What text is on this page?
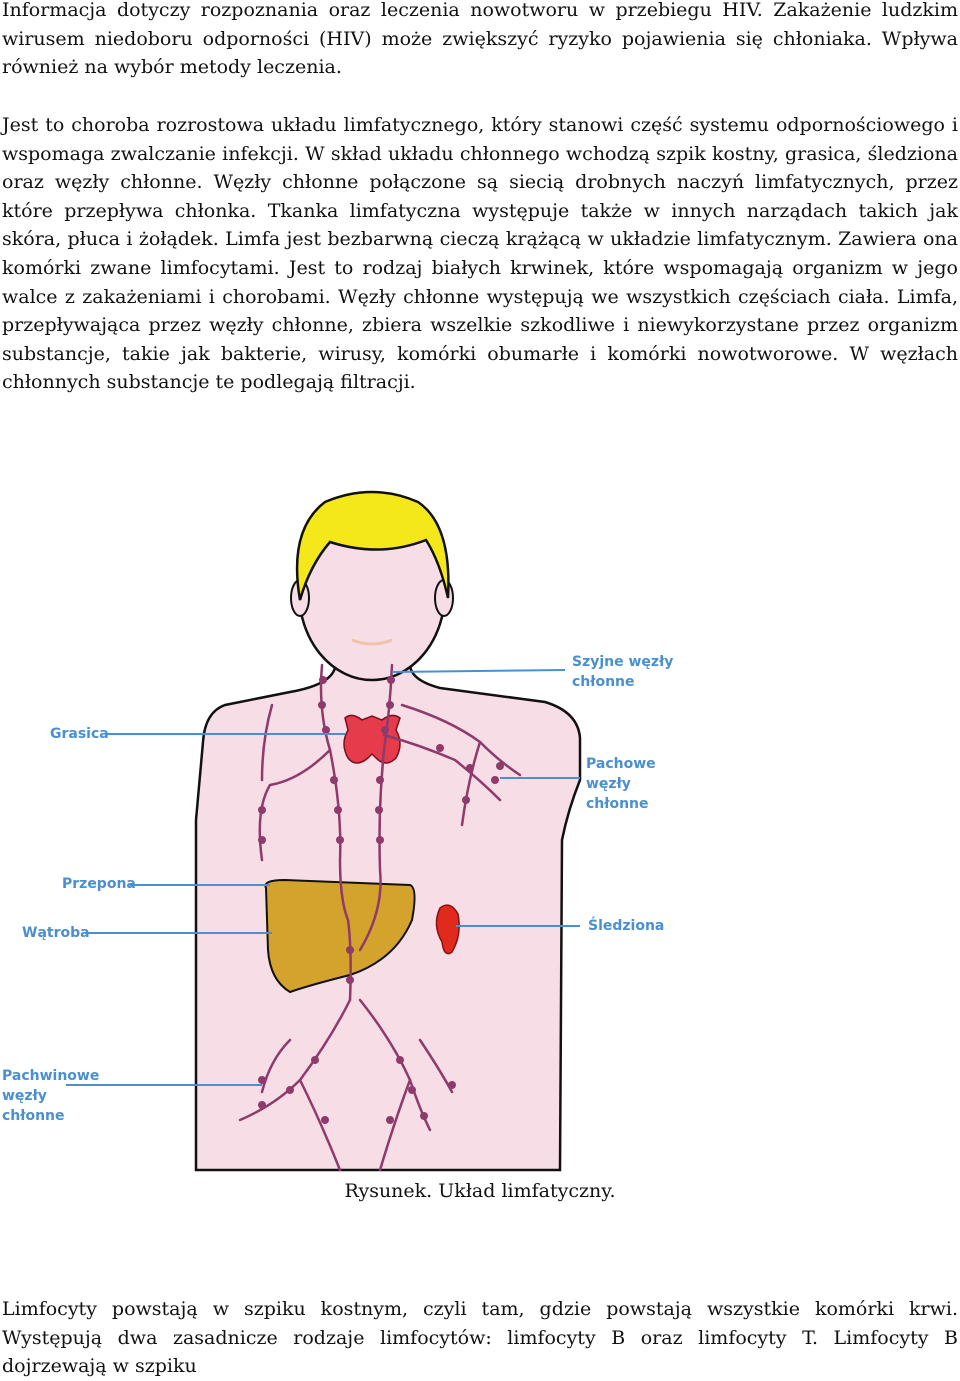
Informacja dotyczy rozpoznania oraz leczenia nowotworu w przebiegu HIV. Zakażenie ludzkim wirusem niedoboru odporności (HIV) może zwiększyć ryzyko pojawienia się chłoniaka. Wpływa również na wybór metody leczenia.

Jest to choroba rozrostowa układu limfatycznego, który stanowi część systemu odpornościowego i wspomaga zwalczanie infekcji. W skład układu chłonnego wchodzą szpik kostny, grasica, śledziona oraz węzły chłonne. Węzły chłonne połączone są siecią drobnych naczyń limfatycznych, przez które przepływa chłonka. Tkanka limfatyczna występuje także w innych narządach takich jak skóra, płuca i żołądek. Limfa jest bezbarwną cieczą krążącą w układzie limfatycznym. Zawiera ona komórki zwane limfocytami. Jest to rodzaj białych krwinek, które wspomagają organizm w jego walce z zakażeniami i chorobami. Węzły chłonne występują we wszystkich częściach ciała. Limfa, przepływająca przez węzły chłonne, zbiera wszelkie szkodliwe i niewykorzystane przez organizm substancje, takie jak bakterie, wirusy, komórki obumarłe i komórki nowotworowe. W węzłach chłonnych substancje te podlegają filtracji.

Szyjne węzły
chłonne
Grasica
Pachowe
węzły
chłonne
Przepona
Wątroba	Śledziona
Pachwinowe
węzły
chłonne
Rysunek. Układ limfatyczny.

Limfocyty powstają w szpiku kostnym, czyli tam, gdzie powstają wszystkie komórki krwi. Występują dwa zasadnicze rodzaje limfocytów: limfocyty B oraz limfocyty T. Limfocyty B dojrzewają w szpiku
